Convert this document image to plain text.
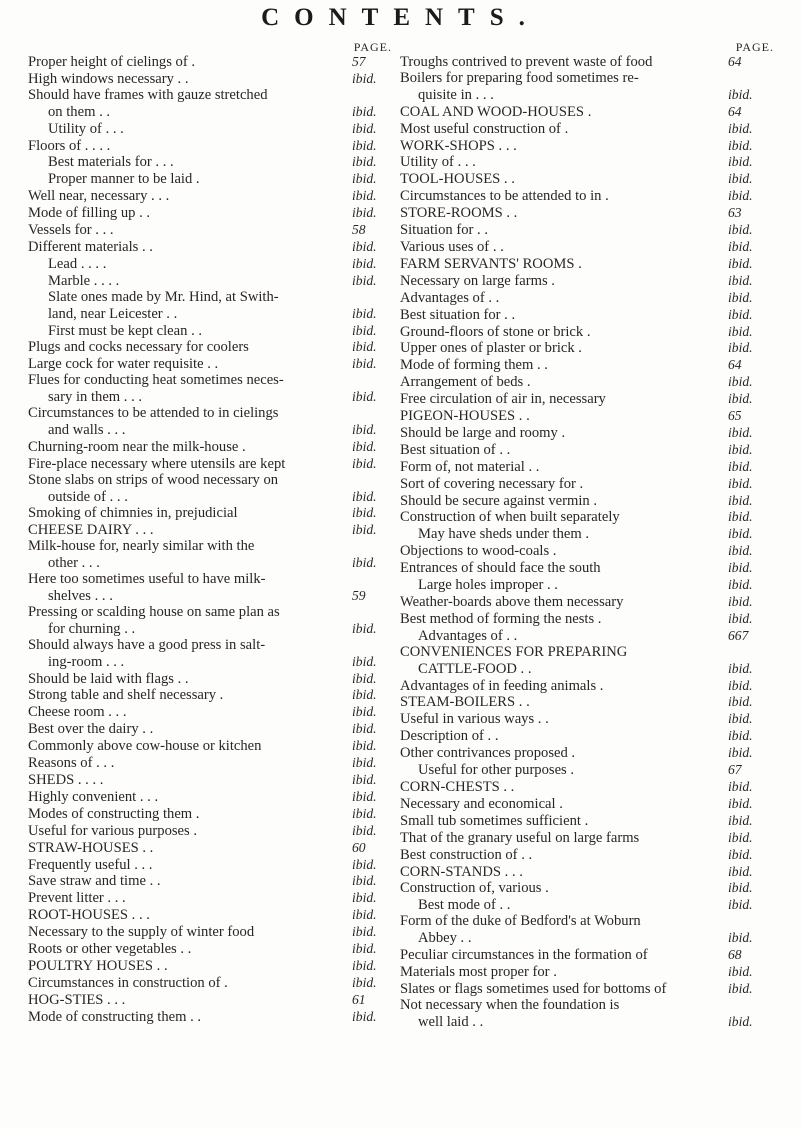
CONTENTS.
PAGE.
Proper height of cielings of .	57
High windows necessary . .	ibid.
Should have frames with gauze stretched
on them . .	ibid.
Utility of . . .	ibid.
Floors of . . . .	ibid.
Best materials for . . .	ibid.
Proper manner to be laid .	ibid.
Well near, necessary . . .	ibid.
Mode of filling up . .	ibid.
Vessels for . . .	58
Different materials . .	ibid.
Lead . . . .	ibid.
Marble . . . .	ibid.
Slate ones made by Mr. Hind, at Swith-
land, near Leicester . .	ibid.
First must be kept clean . .	ibid.
Plugs and cocks necessary for coolers	ibid.
Large cock for water requisite . .	ibid.
Flues for conducting heat sometimes neces-
sary in them . . .	ibid.
Circumstances to be attended to in cielings
and walls . . .	ibid.
Churning-room near the milk-house .	ibid.
Fire-place necessary where utensils are kept	ibid.
Stone slabs on strips of wood necessary on
outside of . . .	ibid.
Smoking of chimnies in, prejudicial	ibid.
CHEESE DAIRY . . .	ibid.
Milk-house for, nearly similar with the
other . . .	ibid.
Here too sometimes useful to have milk-
shelves . . .	59
Pressing or scalding house on same plan as
for churning . .	ibid.
Should always have a good press in salt-
ing-room . . .	ibid.
Should be laid with flags . .	ibid.
Strong table and shelf necessary .	ibid.
Cheese room . . .	ibid.
Best over the dairy . .	ibid.
Commonly above cow-house or kitchen	ibid.
Reasons of . . .	ibid.
SHEDS . . . .	ibid.
Highly convenient . . .	ibid.
Modes of constructing them .	ibid.
Useful for various purposes .	ibid.
STRAW-HOUSES . .	60
Frequently useful . . .	ibid.
Save straw and time . .	ibid.
Prevent litter . . .	ibid.
ROOT-HOUSES . . .	ibid.
Necessary to the supply of winter food	ibid.
Roots or other vegetables . .	ibid.
POULTRY HOUSES . .	ibid.
Circumstances in construction of .	ibid.
HOG-STIES . . .	61
Mode of constructing them . .	ibid.
PAGE.
Troughs contrived to prevent waste of food	64
Boilers for preparing food sometimes re-
quisite in . . .	ibid.
COAL AND WOOD-HOUSES .	64
Most useful construction of .	ibid.
WORK-SHOPS . . .	ibid.
Utility of . . .	ibid.
TOOL-HOUSES . .	ibid.
Circumstances to be attended to in .	ibid.
STORE-ROOMS . .	63
Situation for . .	ibid.
Various uses of . .	ibid.
FARM SERVANTS' ROOMS .	ibid.
Necessary on large farms .	ibid.
Advantages of . .	ibid.
Best situation for . .	ibid.
Ground-floors of stone or brick .	ibid.
Upper ones of plaster or brick .	ibid.
Mode of forming them . .	64
Arrangement of beds .	ibid.
Free circulation of air in, necessary	ibid.
PIGEON-HOUSES . .	65
Should be large and roomy .	ibid.
Best situation of . .	ibid.
Form of, not material . .	ibid.
Sort of covering necessary for .	ibid.
Should be secure against vermin .	ibid.
Construction of when built separately	ibid.
May have sheds under them .	ibid.
Objections to wood-coals .	ibid.
Entrances of should face the south	ibid.
Large holes improper . .	ibid.
Weather-boards above them necessary	ibid.
Best method of forming the nests .	ibid.
Advantages of . .	667
CONVENIENCES FOR PREPARING
CATTLE-FOOD . .	ibid.
Advantages of in feeding animals .	ibid.
STEAM-BOILERS . .	ibid.
Useful in various ways . .	ibid.
Description of . .	ibid.
Other contrivances proposed .	ibid.
Useful for other purposes .	67
CORN-CHESTS . .	ibid.
Necessary and economical .	ibid.
Small tub sometimes sufficient .	ibid.
That of the granary useful on large farms	ibid.
Best construction of . .	ibid.
CORN-STANDS . . .	ibid.
Construction of, various .	ibid.
Best mode of . .	ibid.
Form of the duke of Bedford's at Woburn
Abbey . .	ibid.
Peculiar circumstances in the formation of	68
Materials most proper for .	ibid.
Slates or flags sometimes used for bottoms of	ibid.
Not necessary when the foundation is
well laid . .	ibid.
